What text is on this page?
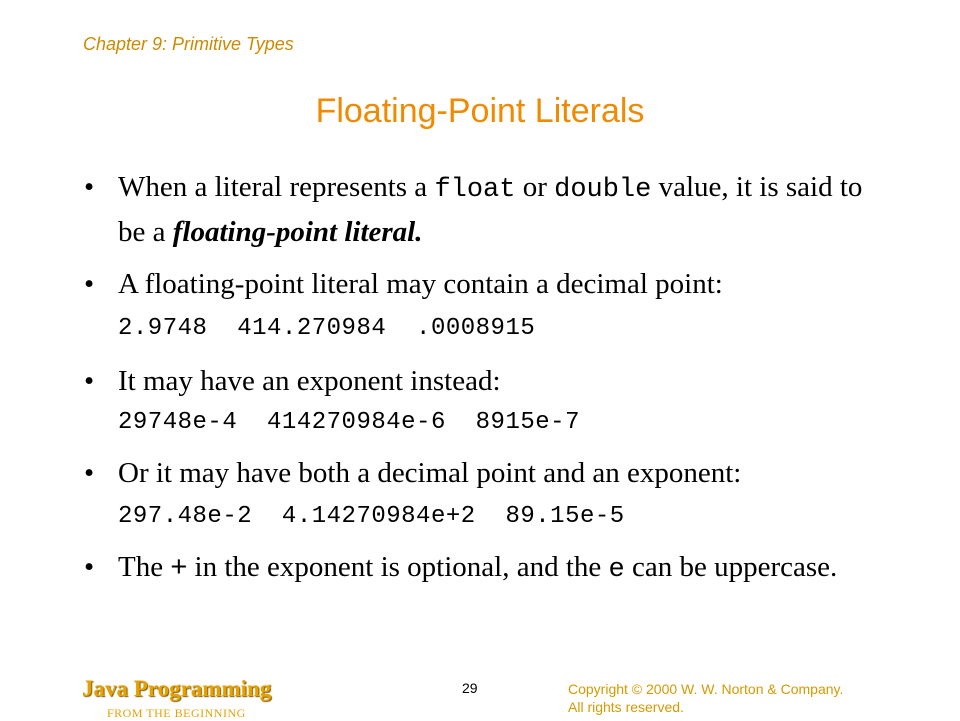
Chapter 9: Primitive Types
Floating-Point Literals
• When a literal represents a float or double value, it is said to be a floating-point literal.
• A floating-point literal may contain a decimal point:
2.9748  414.270984  .0008915
• It may have an exponent instead:
29748e-4  414270984e-6  8915e-7
• Or it may have both a decimal point and an exponent:
297.48e-2  4.14270984e+2  89.15e-5
• The + in the exponent is optional, and the e can be uppercase.
Java Programming
FROM THE BEGINNING
29	Copyright © 2000 W. W. Norton & Company.
All rights reserved.
